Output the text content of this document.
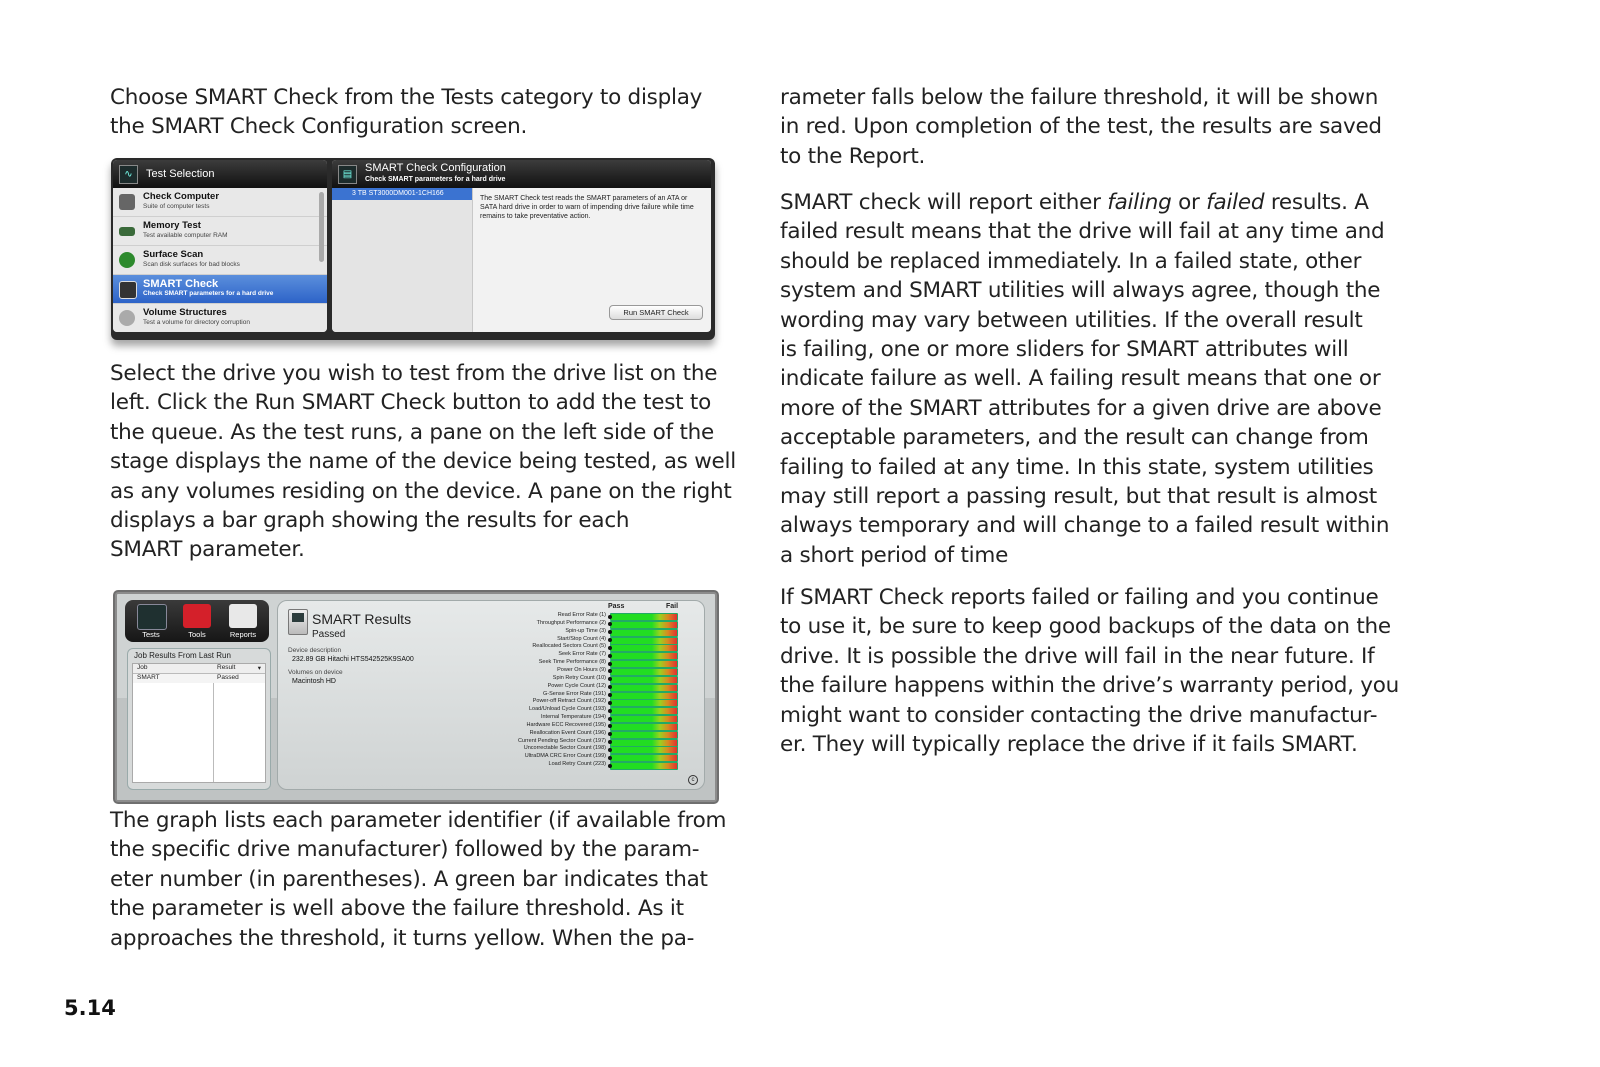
Choose SMART Check from the Tests category to display
the SMART Check Configuration screen.
∿	Test Selection
Check Computer
Suite of computer tests
Memory Test
Test available computer RAM
Surface Scan
Scan disk surfaces for bad blocks
SMART Check
Check SMART parameters for a hard drive
Volume Structures
Test a volume for directory corruption
▤	SMART Check Configuration
Check SMART parameters for a hard drive
3 TB ST3000DM001-1CH166
The SMART Check test reads the SMART parameters of an ATA or SATA hard drive in order to warn of impending drive failure while time remains to take preventative action.
Run SMART Check
Select the drive you wish to test from the drive list on the
left. Click the Run SMART Check button to add the test to
the queue. As the test runs, a pane on the left side of the
stage displays the name of the device being tested, as well
as any volumes residing on the device. A pane on the right
displays a bar graph showing the results for each
SMART parameter.
Tests	Tools	Reports
Job Results From Last Run
Job	Result	▾
SMART	Passed
SMART Results
Passed
Device description
232.89 GB Hitachi HTS542525K9SA00
Volumes on device
Macintosh HD
Pass	Fail
Read Error Rate (1)
Throughput Performance (2)
Spin-up Time (3)
Start/Stop Count (4)
Reallocated Sectors Count (5)
Seek Error Rate (7)
Seek Time Performance (8)
Power On Hours (9)
Spin Retry Count (10)
Power Cycle Count (12)
G-Sense Error Rate (191)
Power-off Retract Count (192)
Load/Unload Cycle Count (193)
Internal Temperature (194)
Hardware ECC Recovered (195)
Reallocation Event Count (196)
Current Pending Sector Count (197)
Uncorrectable Sector Count (198)
UltraDMA CRC Error Count (199)
Load Retry Count (223)
c
The graph lists each parameter identifier (if available from
the specific drive manufacturer) followed by the param-
eter number (in parentheses). A green bar indicates that
the parameter is well above the failure threshold. As it
approaches the threshold, it turns yellow. When the pa-
rameter falls below the failure threshold, it will be shown
in red. Upon completion of the test, the results are saved
to the Report.
SMART check will report either failing or failed results. A
failed result means that the drive will fail at any time and
should be replaced immediately. In a failed state, other
system and SMART utilities will always agree, though the
wording may vary between utilities. If the overall result
is failing, one or more sliders for SMART attributes will
indicate failure as well. A failing result means that one or
more of the SMART attributes for a given drive are above
acceptable parameters, and the result can change from
failing to failed at any time. In this state, system utilities
may still report a passing result, but that result is almost
always temporary and will change to a failed result within
a short period of time
If SMART Check reports failed or failing and you continue
to use it, be sure to keep good backups of the data on the
drive. It is possible the drive will fail in the near future. If
the failure happens within the drive’s warranty period, you
might want to consider contacting the drive manufactur-
er. They will typically replace the drive if it fails SMART.
5.14
